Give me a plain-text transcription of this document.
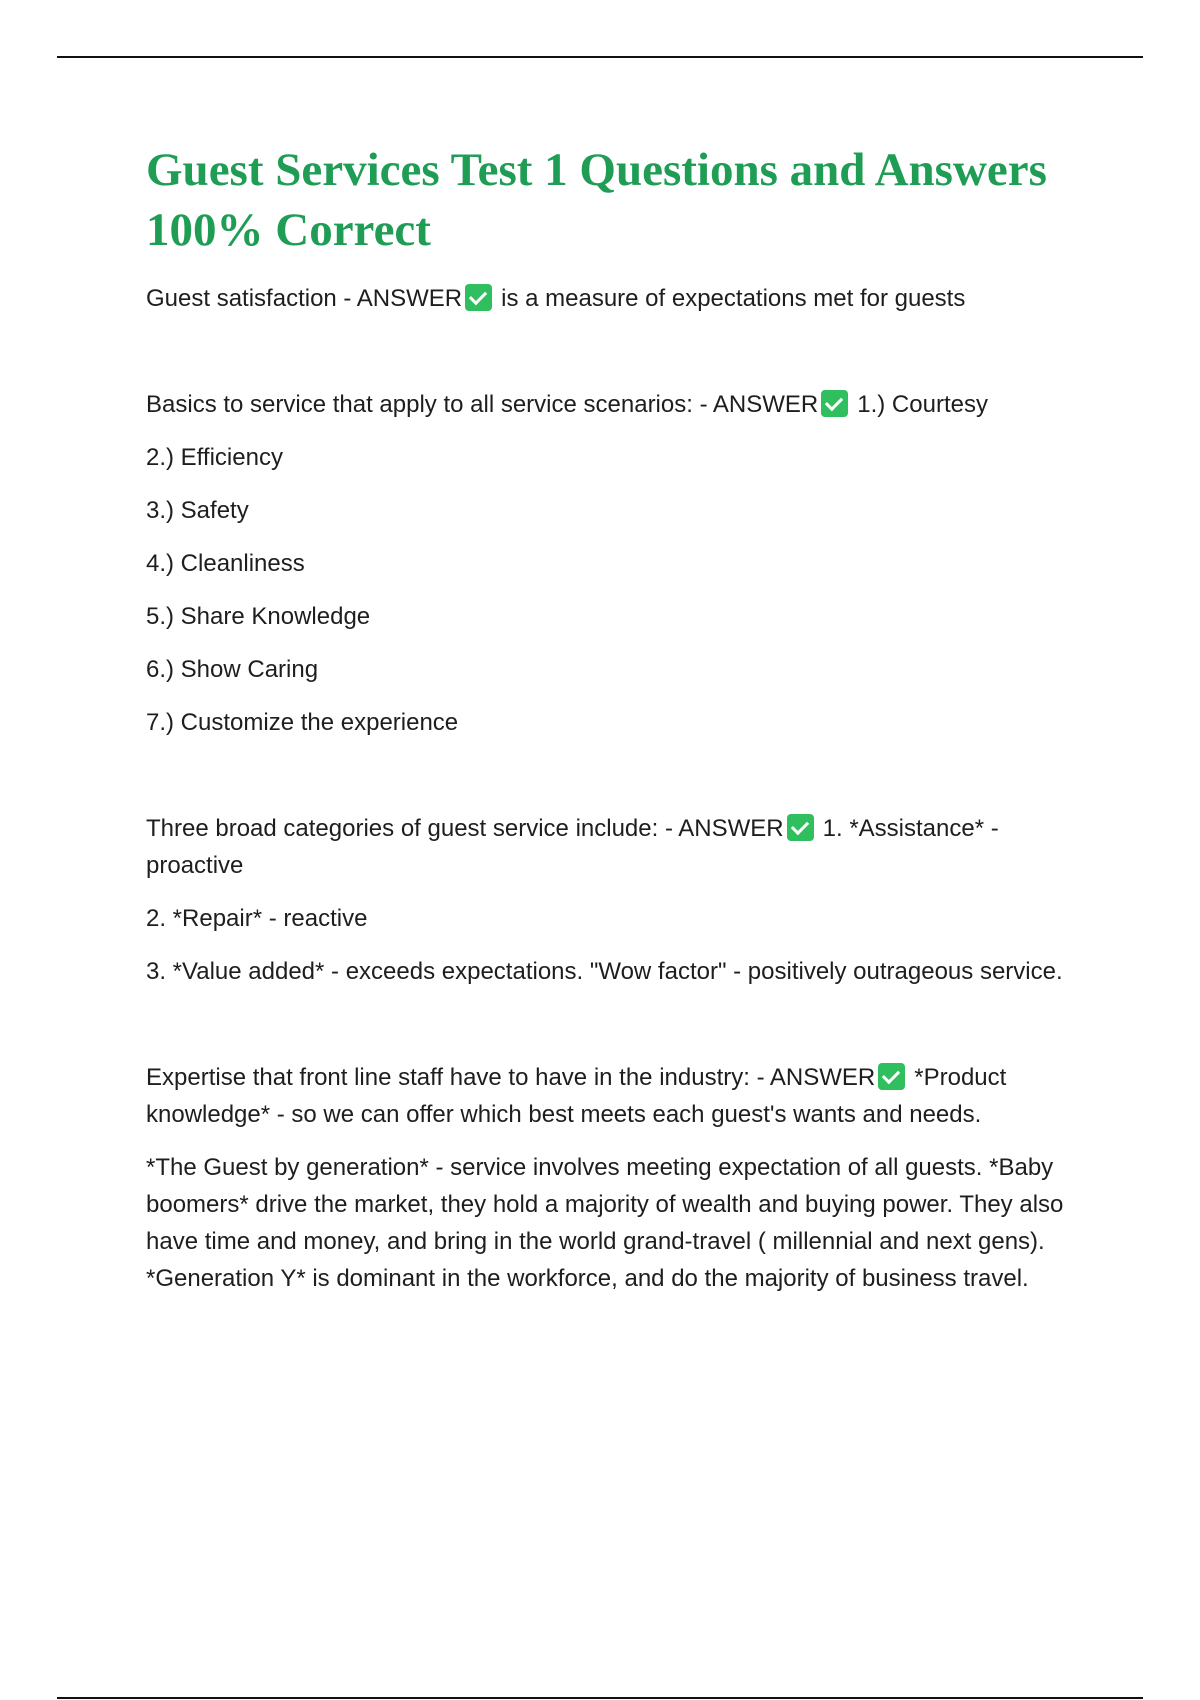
Guest Services Test 1 Questions and Answers 100% Correct

Guest satisfaction - ANSWER is a measure of expectations met for guests

Basics to service that apply to all service scenarios: - ANSWER 1.) Courtesy

2.) Efficiency

3.) Safety

4.) Cleanliness

5.) Share Knowledge

6.) Show Caring

7.) Customize the experience

Three broad categories of guest service include: - ANSWER 1. *Assistance* - proactive

2. *Repair* - reactive

3. *Value added* - exceeds expectations. "Wow factor" - positively outrageous service.

Expertise that front line staff have to have in the industry: - ANSWER *Product knowledge* - so we can offer which best meets each guest's wants and needs.

*The Guest by generation* - service involves meeting expectation of all guests. *Baby boomers* drive the market, they hold a majority of wealth and buying power. They also have time and money, and bring in the world grand-travel ( millennial and next gens). *Generation Y* is dominant in the workforce, and do the majority of business travel.
